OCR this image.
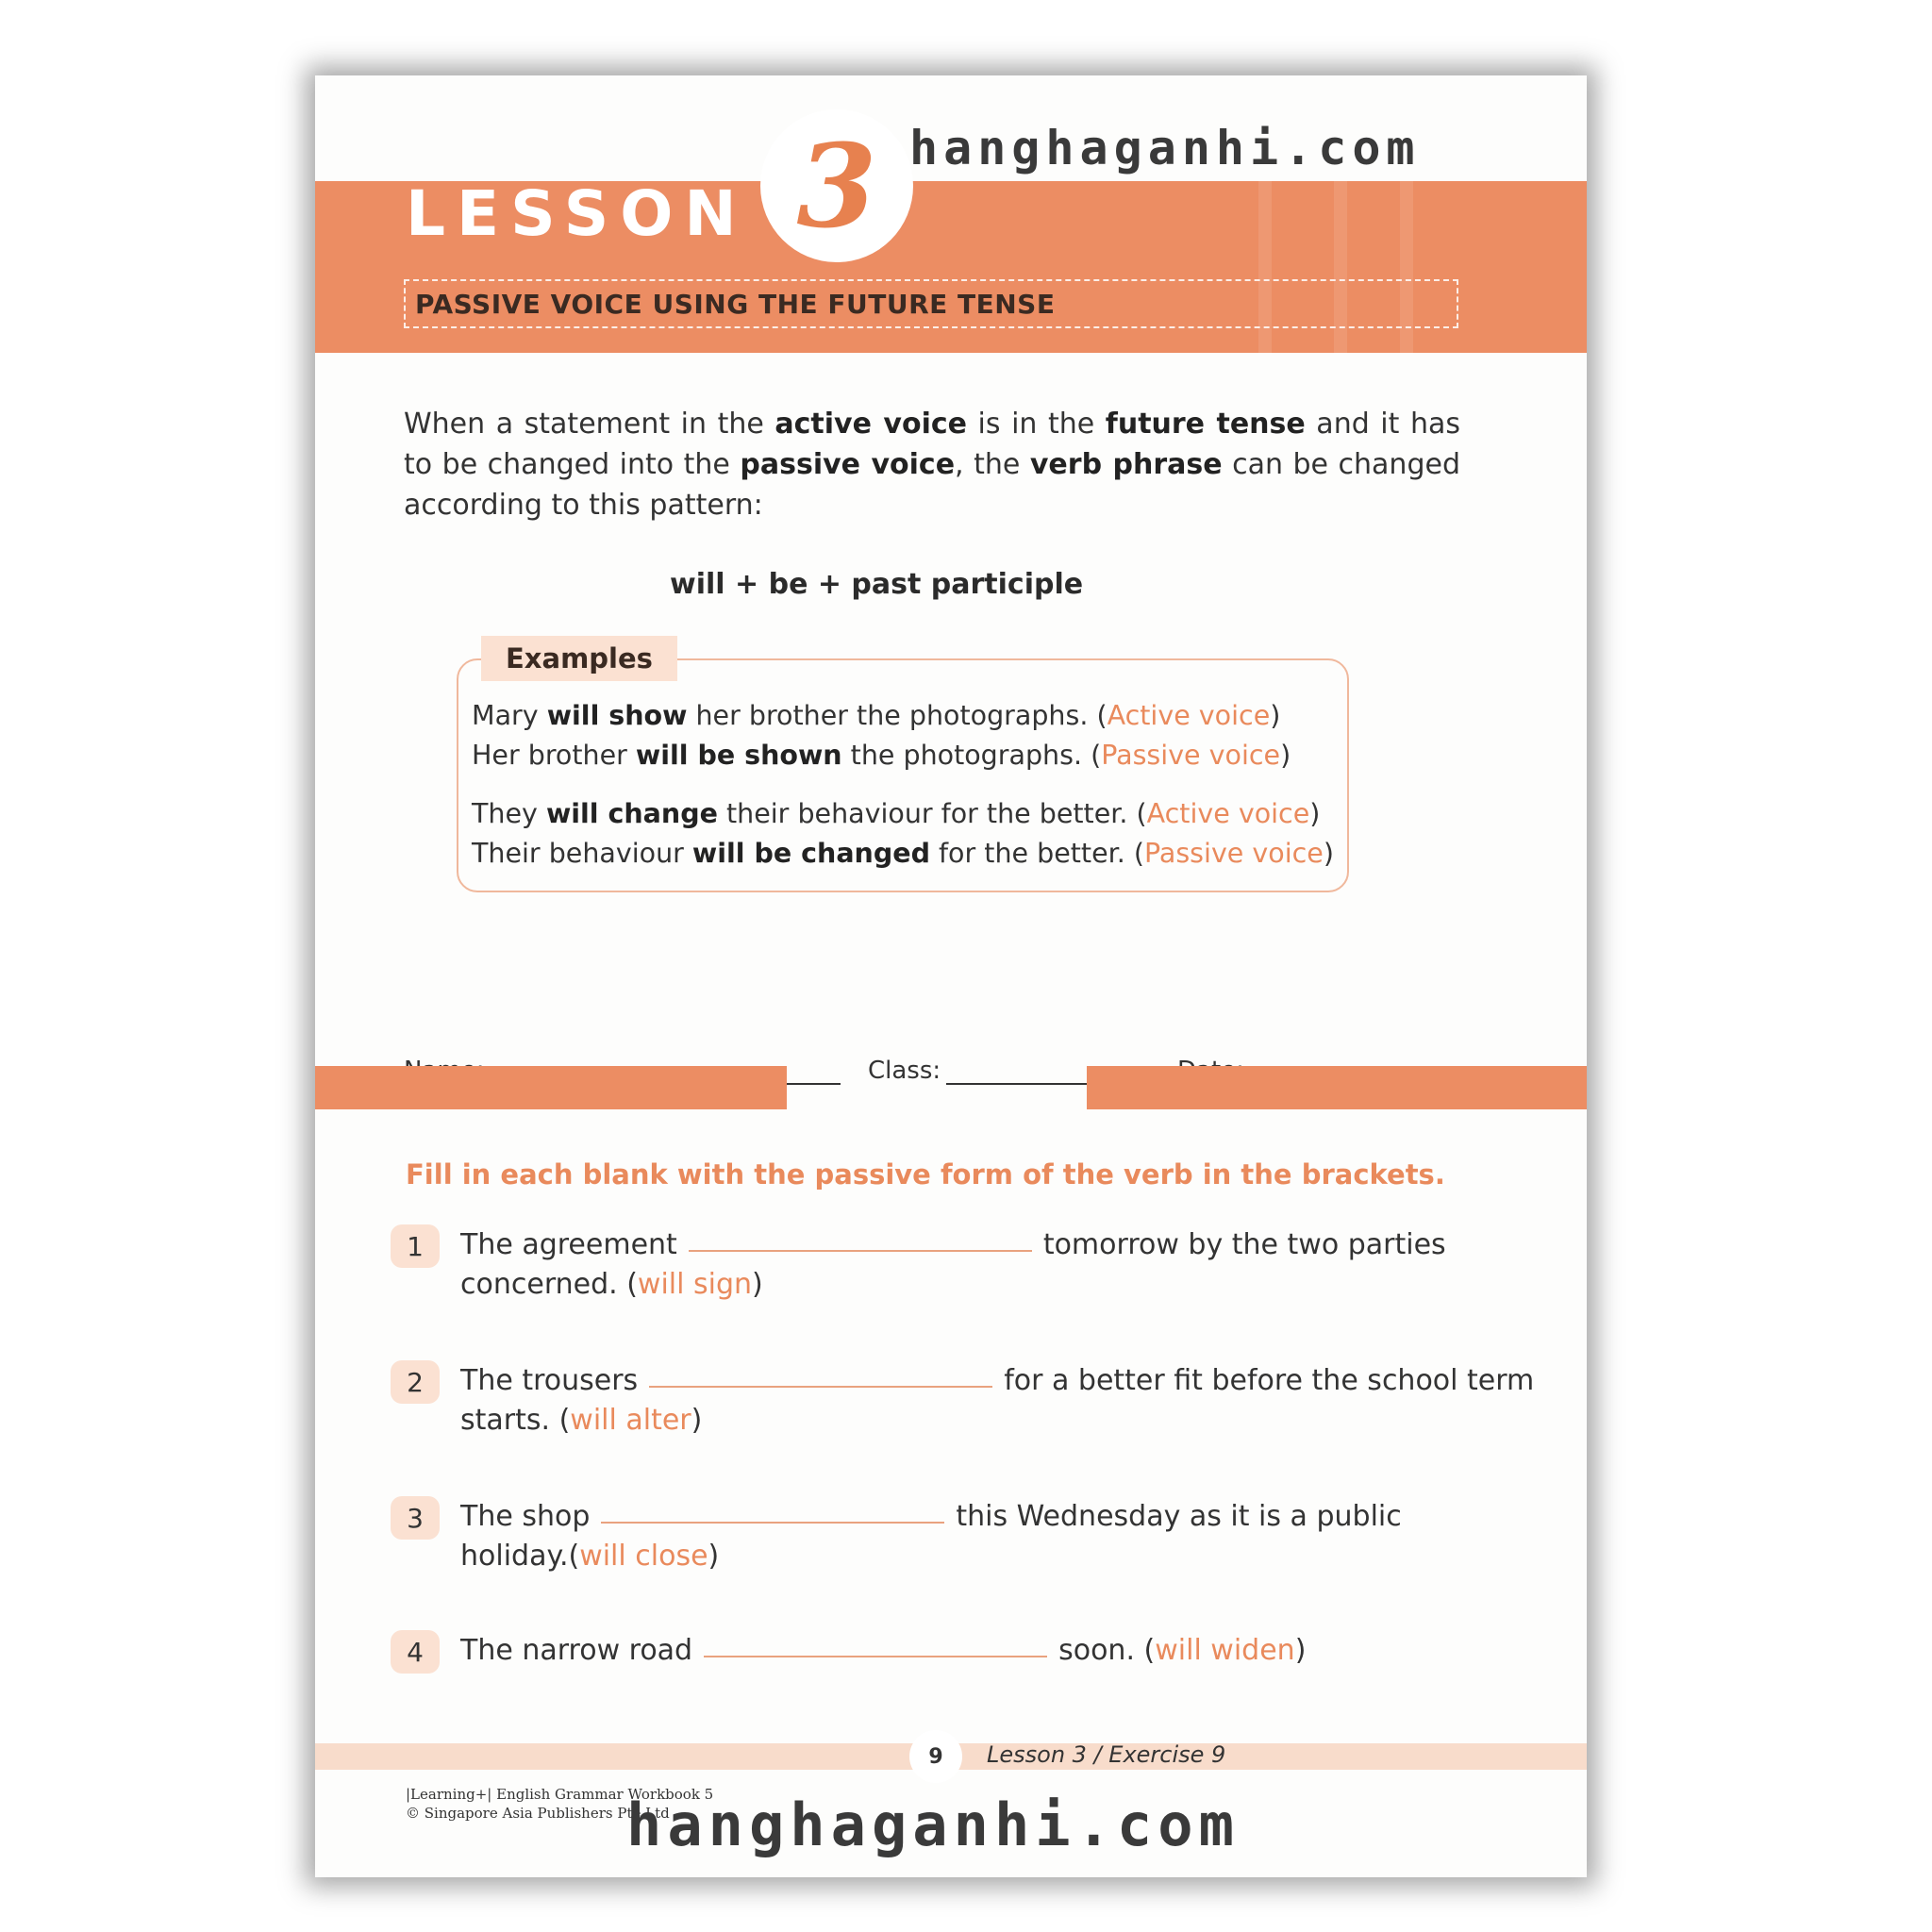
LESSON 3 hanghaganhi.com
PASSIVE VOICE USING THE FUTURE TENSE
When a statement in the active voice is in the future tense and it has to be changed into the passive voice, the verb phrase can be changed according to this pattern:
will + be + past participle
Examples
Mary will show her brother the photographs. (Active voice)
Her brother will be shown the photographs. (Passive voice)
They will change their behaviour for the better. (Active voice)
Their behaviour will be changed for the better. (Passive voice)
Class:
Fill in each blank with the passive form of the verb in the brackets.
1	The agreement	tomorrow by the two parties
concerned. (will sign)
2	The trousers	for a better fit before the school term
starts. (will alter)
3	The shop	this Wednesday as it is a public
holiday.(will close)
4	The narrow road	soon. ( will widen )
9	Lesson 3 / Exercise 9
|Learning+| English Grammar Workbook 5
© Singapore Asia Publishers Pte Ltd
hanghaganhi.com
